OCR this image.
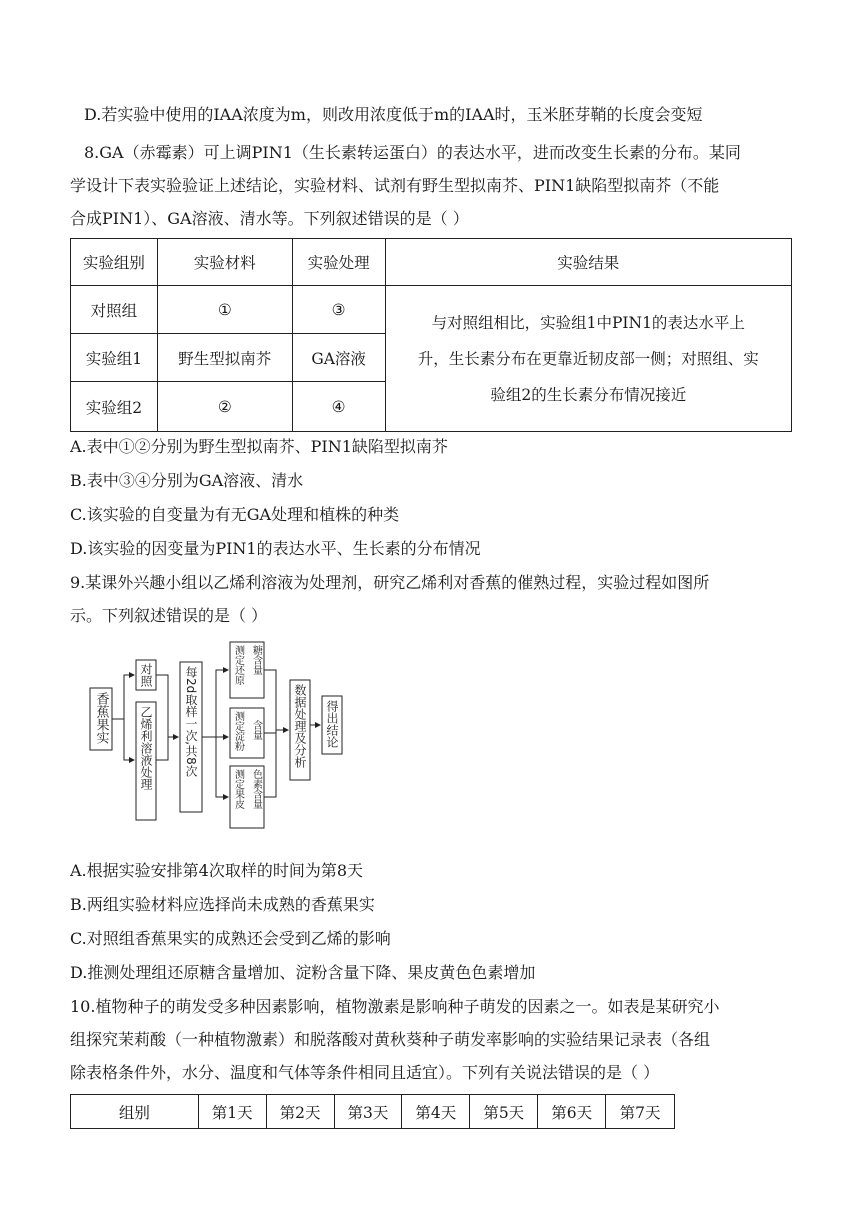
D.若实验中使用的IAA浓度为m，则改用浓度低于m的IAA时，玉米胚芽鞘的长度会变短
8.GA（赤霉素）可上调PIN1（生长素转运蛋白）的表达水平，进而改变生长素的分布。某同
学设计下表实验验证上述结论，实验材料、试剂有野生型拟南芥、PIN1缺陷型拟南芥（不能
合成PIN1）、GA溶液、清水等。下列叙述错误的是（ ）
实验组别	实验材料	实验处理	实验结果
对照组	①	③	与对照组相比，实验组1中PIN1的表达水平上
升，生长素分布在更靠近韧皮部一侧；对照组、实
验组2的生长素分布情况接近

实验组1	野生型拟南芥	GA溶液	
实验组2	②	④	
A.表中①②分别为野生型拟南芥、PIN1缺陷型拟南芥
B.表中③④分别为GA溶液、清水
C.该实验的自变量为有无GA处理和植株的种类
D.该实验的因变量为PIN1的表达水平、生长素的分布情况
9.某课外兴趣小组以乙烯利溶液为处理剂，研究乙烯利对香蕉的催熟过程，实验过程如图所
示。下列叙述错误的是（ ）
香蕉果实
对照
乙烯利溶液处理	每2d取样一次,共8次
测定还原 糖含量
测定淀粉 含量
测定果皮 色素含量
数据处理及分析 得出结论
A.根据实验安排第4次取样的时间为第8天
B.两组实验材料应选择尚未成熟的香蕉果实
C.对照组香蕉果实的成熟还会受到乙烯的影响
D.推测处理组还原糖含量增加、淀粉含量下降、果皮黄色色素增加
10.植物种子的萌发受多种因素影响，植物激素是影响种子萌发的因素之一。如表是某研究小
组探究茉莉酸（一种植物激素）和脱落酸对黄秋葵种子萌发率影响的实验结果记录表（各组
除表格条件外，水分、温度和气体等条件相同且适宜）。下列有关说法错误的是（ ）
组别	第1天	第2天	第3天	第4天	第5天	第6天	第7天
